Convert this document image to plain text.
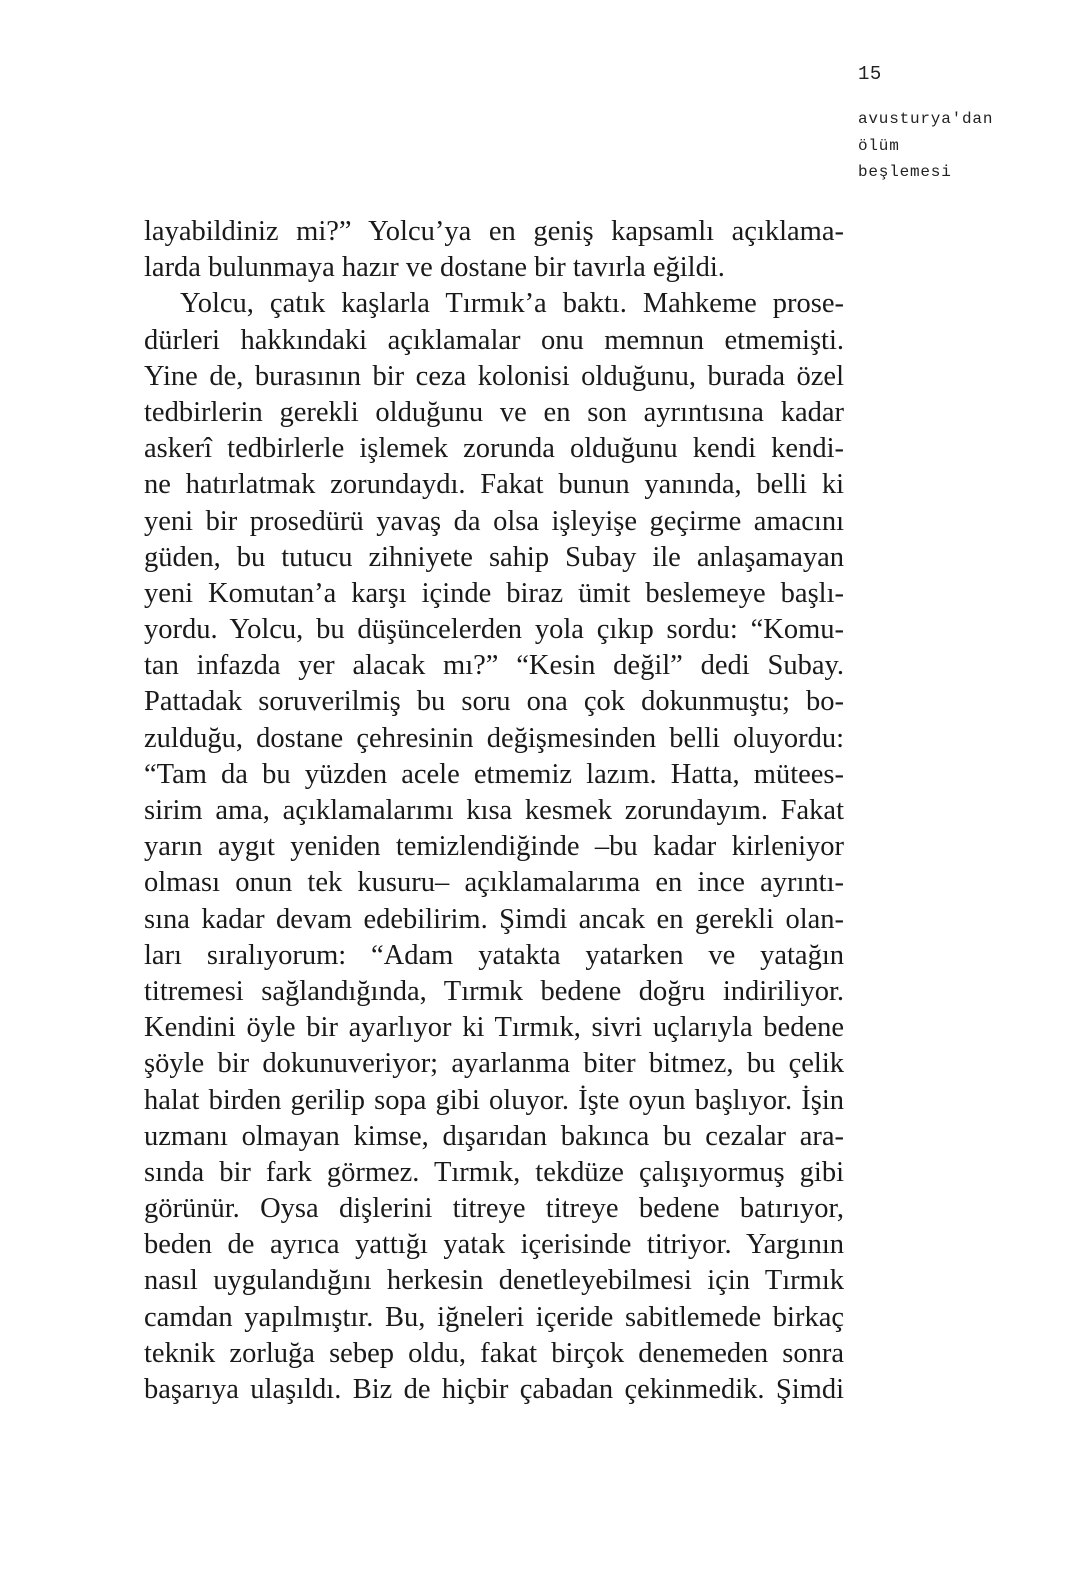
15
avusturya'dan
ölüm
beşlemesi
layabildiniz mi?” Yolcu’ya en geniş kapsamlı açıklama-
larda bulunmaya hazır ve dostane bir tavırla eğildi.
Yolcu, çatık kaşlarla Tırmık’a baktı. Mahkeme prose-
dürleri hakkındaki açıklamalar onu memnun etmemişti.
Yine de, burasının bir ceza kolonisi olduğunu, burada özel
tedbirlerin gerekli olduğunu ve en son ayrıntısına kadar
askerî tedbirlerle işlemek zorunda olduğunu kendi kendi-
ne hatırlatmak zorundaydı. Fakat bunun yanında, belli ki
yeni bir prosedürü yavaş da olsa işleyişe geçirme amacını
güden, bu tutucu zihniyete sahip Subay ile anlaşamayan
yeni Komutan’a karşı içinde biraz ümit beslemeye başlı-
yordu. Yolcu, bu düşüncelerden yola çıkıp sordu: “Komu-
tan infazda yer alacak mı?” “Kesin değil” dedi Subay.
Pattadak soruverilmiş bu soru ona çok dokunmuştu; bo-
zulduğu, dostane çehresinin değişmesinden belli oluyordu:
“Tam da bu yüzden acele etmemiz lazım. Hatta, mütees-
sirim ama, açıklamalarımı kısa kesmek zorundayım. Fakat
yarın aygıt yeniden temizlendiğinde –bu kadar kirleniyor
olması onun tek kusuru– açıklamalarıma en ince ayrıntı-
sına kadar devam edebilirim. Şimdi ancak en gerekli olan-
ları sıralıyorum: “Adam yatakta yatarken ve yatağın
titremesi sağlandığında, Tırmık bedene doğru indiriliyor.
Kendini öyle bir ayarlıyor ki Tırmık, sivri uçlarıyla bedene
şöyle bir dokunuveriyor; ayarlanma biter bitmez, bu çelik
halat birden gerilip sopa gibi oluyor. İşte oyun başlıyor. İşin
uzmanı olmayan kimse, dışarıdan bakınca bu cezalar ara-
sında bir fark görmez. Tırmık, tekdüze çalışıyormuş gibi
görünür. Oysa dişlerini titreye titreye bedene batırıyor,
beden de ayrıca yattığı yatak içerisinde titriyor. Yargının
nasıl uygulandığını herkesin denetleyebilmesi için Tırmık
camdan yapılmıştır. Bu, iğneleri içeride sabitlemede birkaç
teknik zorluğa sebep oldu, fakat birçok denemeden sonra
başarıya ulaşıldı. Biz de hiçbir çabadan çekinmedik. Şimdi
